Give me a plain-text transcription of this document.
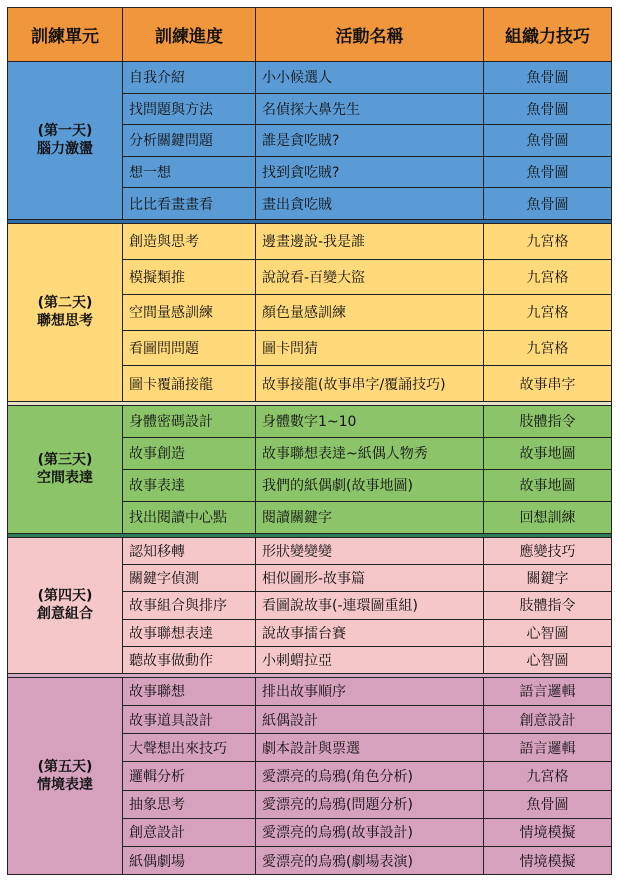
訓練單元	訓練進度	活動名稱	組織力技巧

(第一天)
腦力激盪	自我介紹	小小候選人	魚骨圖
	找問題與方法	名偵探大鼻先生	魚骨圖
	分析關鍵問題	誰是貪吃賊?	魚骨圖
	想一想	找到貪吃賊?	魚骨圖
	比比看畫畫看	畫出貪吃賊	魚骨圖

(第二天)
聯想思考	創造與思考	邊畫邊說-我是誰	九宮格
	模擬類推	說說看-百變大盜	九宮格
	空間量感訓練	顏色量感訓練	九宮格
	看圖問問題	圖卡問猜	九宮格
	圖卡覆誦接龍	故事接龍(故事串字/覆誦技巧)	故事串字

(第三天)
空間表達	身體密碼設計	身體數字1~10	肢體指令
	故事創造	故事聯想表達~紙偶人物秀	故事地圖
	故事表達	我們的紙偶劇(故事地圖)	故事地圖
	找出閱讀中心點	閱讀關鍵字	回想訓練

(第四天)
創意組合	認知移轉	形狀變變變	應變技巧
	關鍵字偵測	相似圖形-故事篇	關鍵字
	故事組合與排序	看圖說故事(-連環圖重組)	肢體指令
	故事聯想表達	說故事擂台賽	心智圖
	聽故事做動作	小刺蝟拉亞	心智圖

(第五天)
情境表達	故事聯想	排出故事順序	語言邏輯
	故事道具設計	紙偶設計	創意設計
	大聲想出來技巧	劇本設計與票選	語言邏輯
	邏輯分析	愛漂亮的烏鴉(角色分析)	九宮格
	抽象思考	愛漂亮的烏鴉(問題分析)	魚骨圖
	創意設計	愛漂亮的烏鴉(故事設計)	情境模擬
	紙偶劇場	愛漂亮的烏鴉(劇場表演)	情境模擬
